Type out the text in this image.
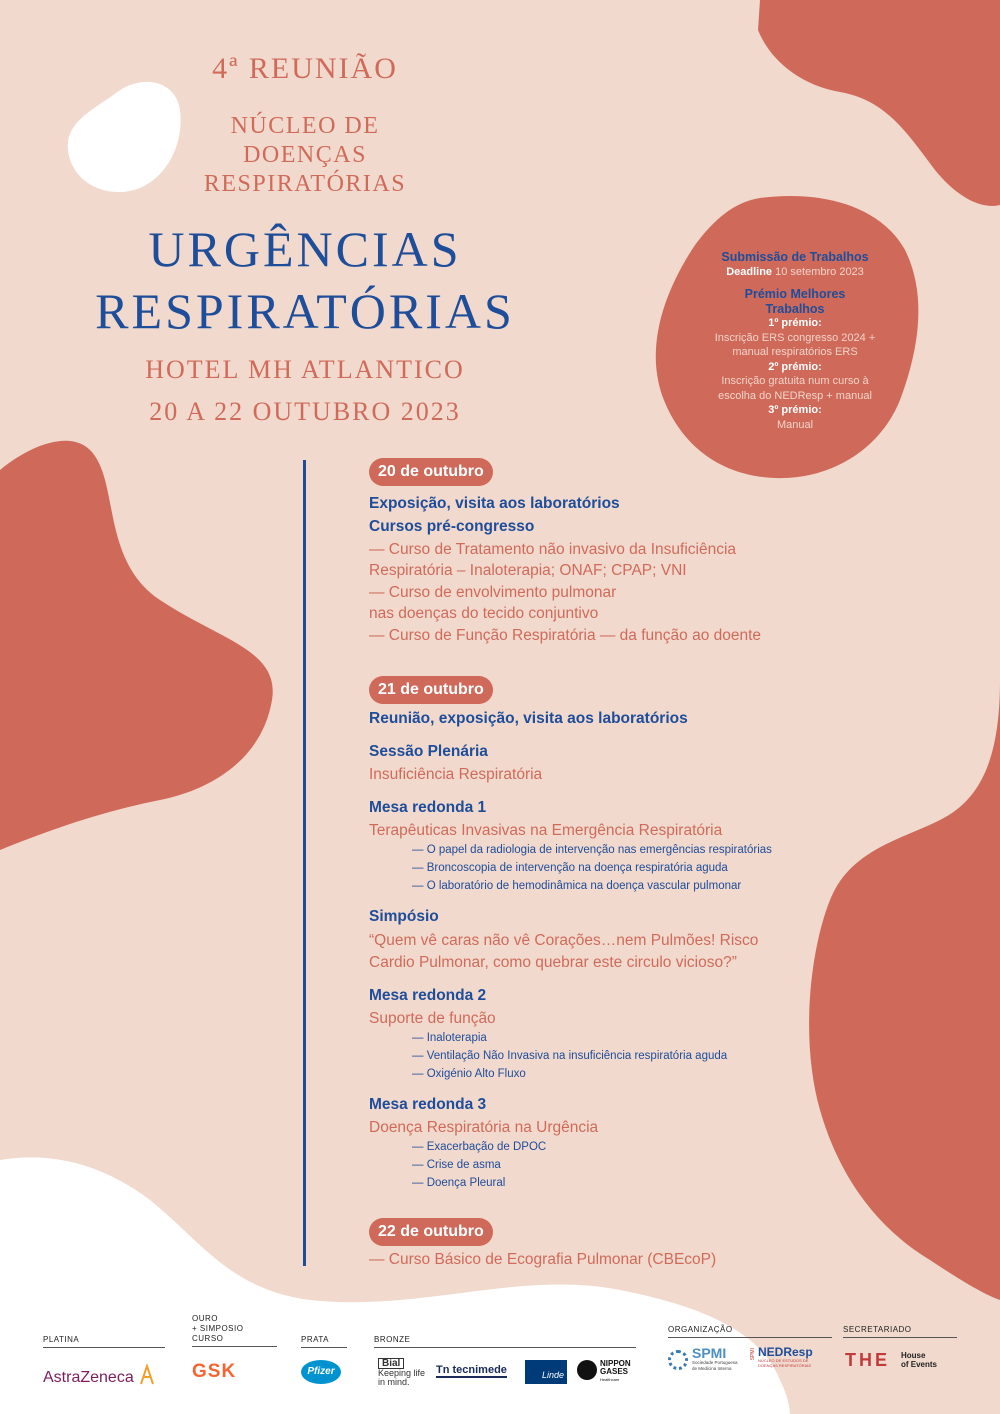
4ª REUNIÃO
NÚCLEO DE
DOENÇAS
RESPIRATÓRIAS
URGÊNCIAS
RESPIRATÓRIAS
HOTEL MH ATLANTICO
20 A 22 OUTUBRO 2023
Submissão de Trabalhos
Deadline 10 setembro 2023
Prémio Melhores
Trabalhos
1º prémio:
Inscrição ERS congresso 2024 +
manual respiratórios ERS
2º prémio:
Inscrição gratuita num curso à
escolha do NEDResp + manual
3º prémio:
Manual
20 de outubro
Exposição, visita aos laboratórios
Cursos pré-congresso
— Curso de Tratamento não invasivo da Insuficiência
Respiratória – Inaloterapia; ONAF; CPAP; VNI
— Curso de envolvimento pulmonar
nas doenças do tecido conjuntivo
— Curso de Função Respiratória — da função ao doente
21 de outubro
Reunião, exposição, visita aos laboratórios
Sessão Plenária
Insuficiência Respiratória
Mesa redonda 1
Terapêuticas Invasivas na Emergência Respiratória
— O papel da radiologia de intervenção nas emergências respiratórias
— Broncoscopia de intervenção na doença respiratória aguda
— O laboratório de hemodinâmica na doença vascular pulmonar
Simpósio
“Quem vê caras não vê Corações…nem Pulmões! Risco
Cardio Pulmonar, como quebrar este circulo vicioso?”
Mesa redonda 2
Suporte de função
— Inaloterapia
— Ventilação Não Invasiva na insuficiência respiratória aguda
— Oxigénio Alto Fluxo
Mesa redonda 3
Doença Respiratória na Urgência
— Exacerbação de DPOC
— Crise de asma
— Doença Pleural
22 de outubro
— Curso Básico de Ecografia Pulmonar (CBEcoP)
PLATINA
AstraZeneca
OURO
+ SIMPOSIO CURSO
GSK
PRATA
Pfizer
BRONZE
Bial
Keeping life
in mind.
Tn tecnimede	Linde
NIPPON
GASES
Healthcare
ORGANIZAÇÃO
SPMI
Sociedade Portuguesa
de Medicina Interna
SPMI NEDResp
NÚCLEO DE ESTUDOS DE
DOENÇAS RESPIRATÓRIAS
SECRETARIADO
THE House
of Events
